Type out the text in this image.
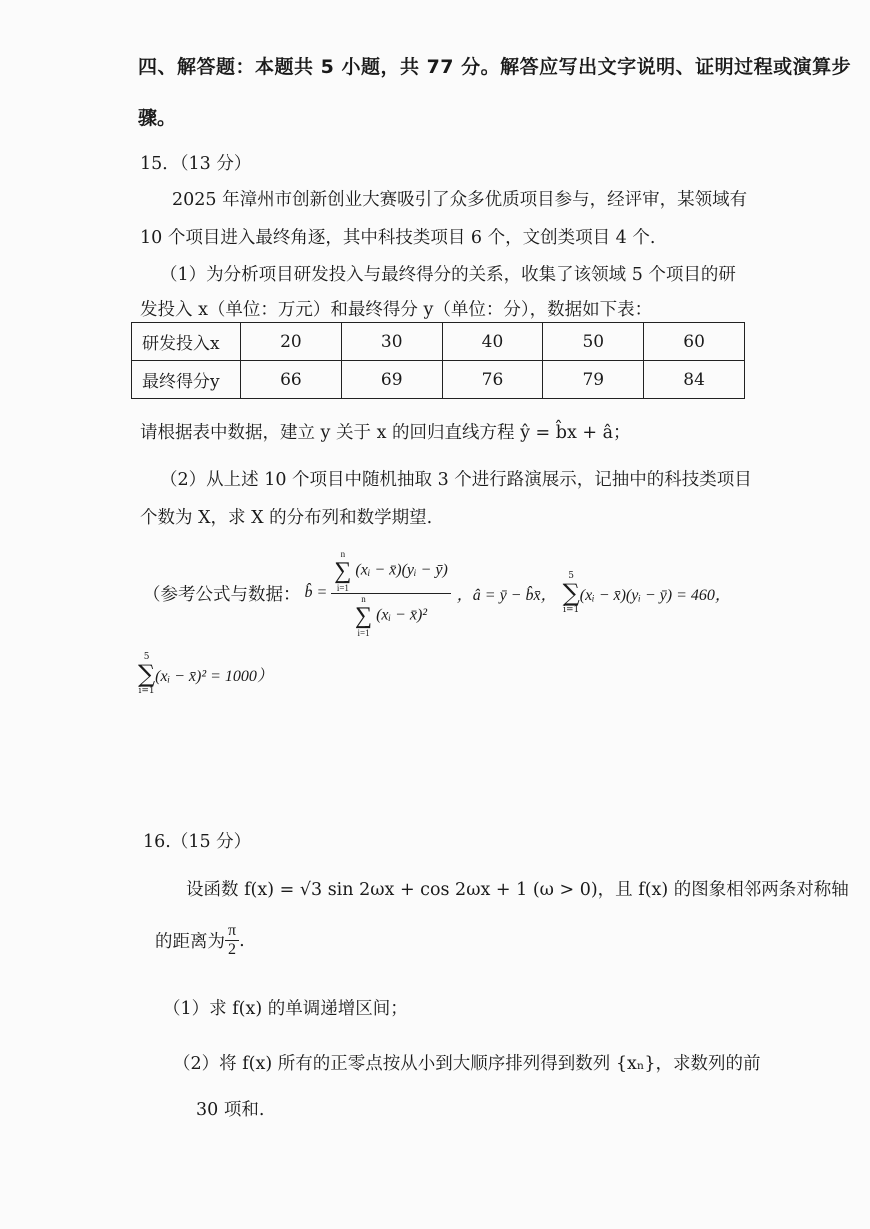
四、解答题：本题共 5 小题，共 77 分。解答应写出文字说明、证明过程或演算步
骤。
15．（13 分）
2025 年漳州市创新创业大赛吸引了众多优质项目参与，经评审，某领域有
10 个项目进入最终角逐，其中科技类项目 6 个，文创类项目 4 个.
（1）为分析项目研发投入与最终得分的关系，收集了该领域 5 个项目的研
发投入 x（单位：万元）和最终得分 y（单位：分），数据如下表：
研发投入x	20	30	40	50	60
最终得分y	66	69	76	79	84
请根据表中数据，建立 y 关于 x 的回归直线方程 ŷ = b̂x + â；
（2）从上述 10 个项目中随机抽取 3 个进行路演展示，记抽中的科技类项目
个数为 X，求 X 的分布列和数学期望.
（参考公式与数据： b̂ = n
∑
i=1
(xᵢ − x̄)(yᵢ − ȳ)
n
∑
i=1
(xᵢ − x̄)² ，â = ȳ − b̂x̄，
5
∑
i=1
(xᵢ − x̄)(yᵢ − ȳ) = 460，
5
∑
i=1
(xᵢ − x̄)² = 1000）
16.（15 分）
设函数 f(x) = √3 sin 2ωx + cos 2ωx + 1 (ω > 0)，且 f(x) 的图象相邻两条对称轴
的距离为 $\frac{\pi}{2}$ .
（1）求 f(x) 的单调递增区间；
（2）将 f(x) 所有的正零点按从小到大顺序排列得到数列 {xₙ}，求数列的前
30 项和.
